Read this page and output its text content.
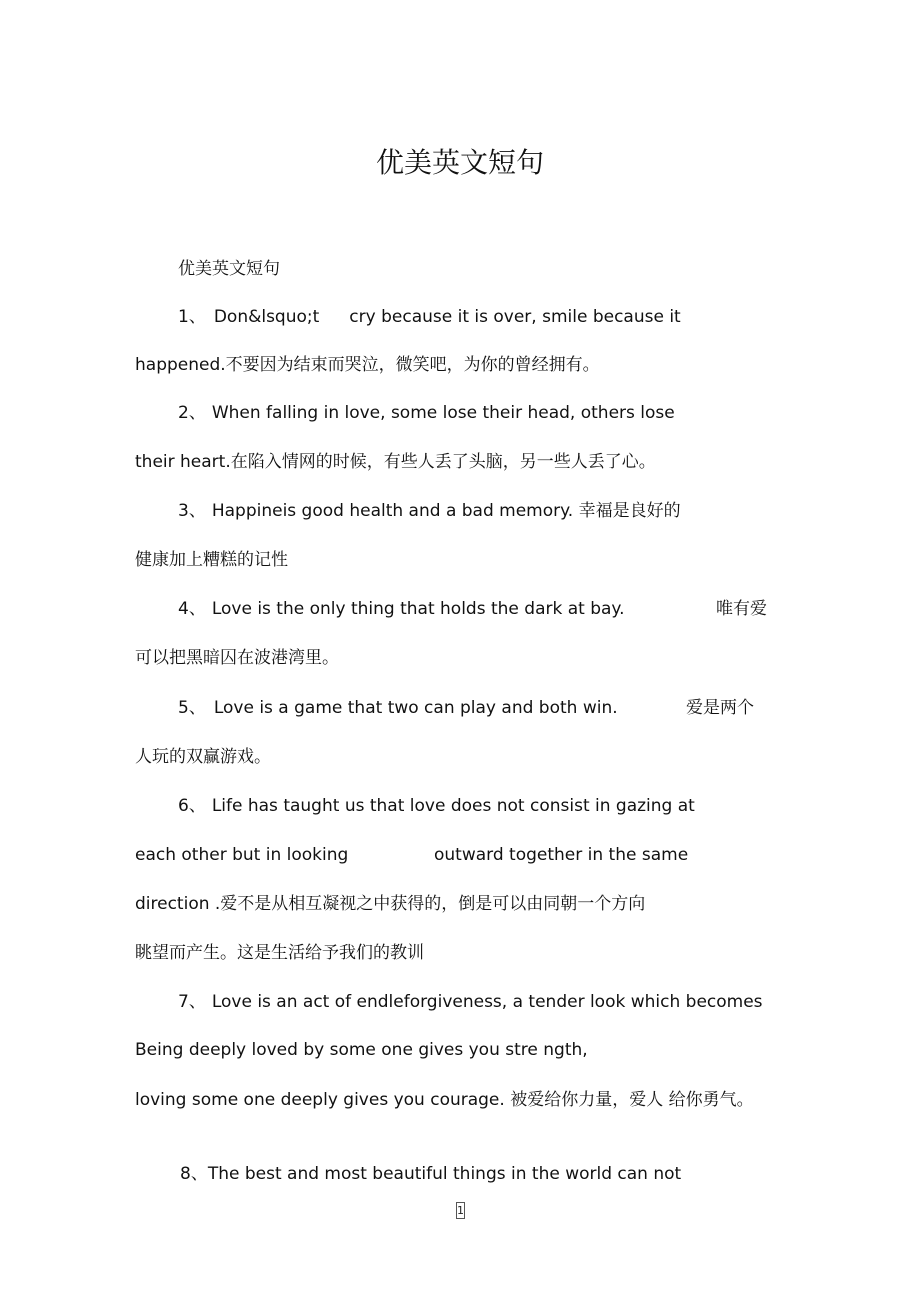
优美英文短句
优美英文短句
1、 Don&lsquo;t cry because it is over, smile because it
happened.不要因为结束而哭泣，微笑吧，为你的曾经拥有。
2、 When falling in love, some lose their head, others lose
their heart.在陷入情网的时候，有些人丢了头脑，另一些人丢了心。
3、 Happineis good health and a bad memory. 幸福是良好的
健康加上糟糕的记性
4、 Love is the only thing that holds the dark at bay.	唯有爱
可以把黑暗囚在波港湾里。
5、 Love is a game that two can play and both win.	爱是两个
人玩的双赢游戏。
6、 Life has taught us that love does not consist in gazing at
each other but in looking	outward together in the same
direction .爱不是从相互凝视之中获得的，倒是可以由同朝一个方向
眺望而产生。这是生活给予我们的教训
7、 Love is an act of endleforgiveness, a tender look which becomes
Being deeply loved by some one gives you stre ngth,
loving some one deeply gives you courage. 被爱给你力量，爱人 给你勇气。
8、The best and most beautiful things in the world can not
1
